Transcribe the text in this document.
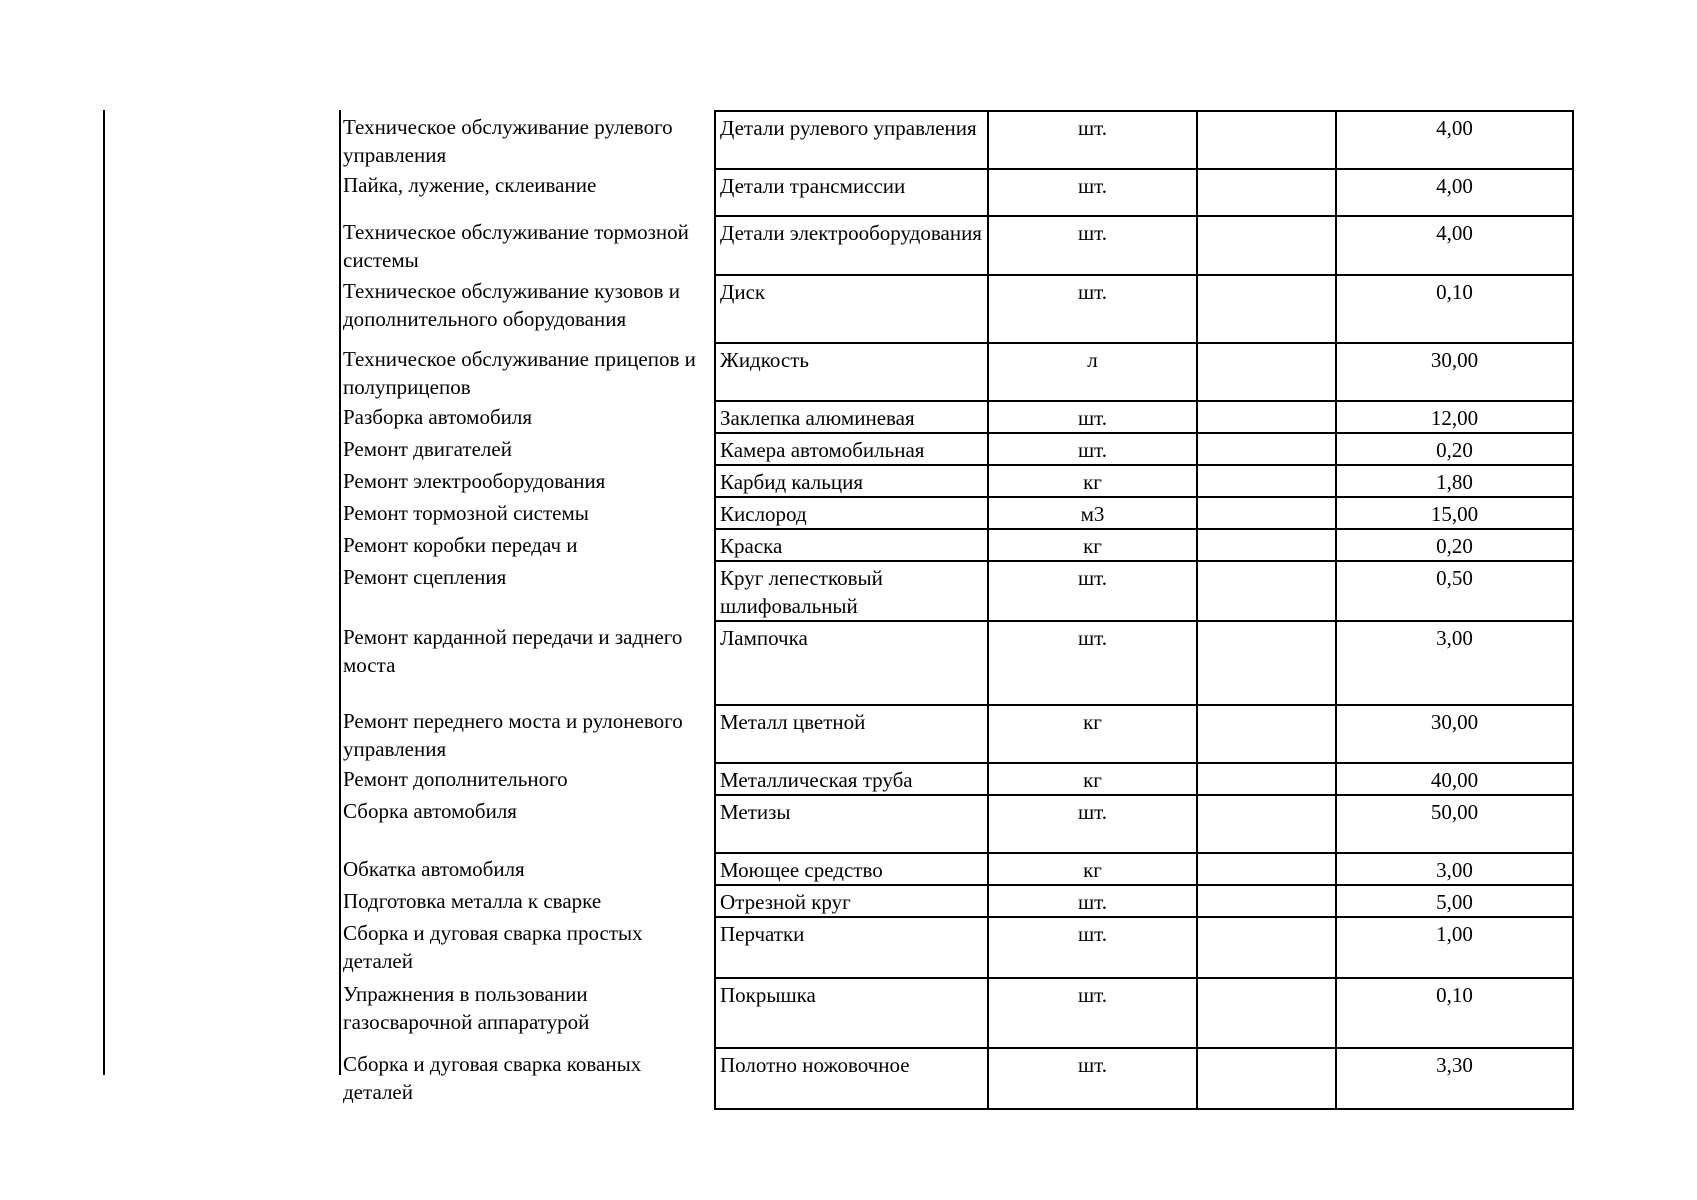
Техническое обслуживание рулевого управления	Детали рулевого управления	шт.		4,00
Пайка, лужение, склеивание	Детали трансмиссии	шт.		4,00
Техническое обслуживание тормозной системы	Детали электрооборудования	шт.		4,00
Техническое обслуживание кузовов и дополнительного оборудования	Диск	шт.		0,10
Техническое обслуживание прицепов и полуприцепов	Жидкость	л		30,00
Разборка автомобиля	Заклепка алюминевая	шт.		12,00
Ремонт двигателей	Камера автомобильная	шт.		0,20
Ремонт электрооборудования	Карбид кальция	кг		1,80
Ремонт тормозной системы	Кислород	м3		15,00
Ремонт коробки передач и	Краска	кг		0,20
Ремонт сцепления	Круг лепестковый шлифовальный	шт.		0,50
Ремонт карданной передачи и заднего моста	Лампочка	шт.		3,00
Ремонт переднего моста и рулоневого управления	Металл цветной	кг		30,00
Ремонт дополнительного	Металлическая труба	кг		40,00
Сборка автомобиля	Метизы	шт.		50,00
Обкатка автомобиля	Моющее средство	кг		3,00
Подготовка металла к сварке	Отрезной круг	шт.		5,00
Сборка и дуговая сварка простых деталей	Перчатки	шт.		1,00
Упражнения в пользовании газосварочной аппаратурой	Покрышка	шт.		0,10
Сборка и дуговая сварка кованых деталей	Полотно ножовочное	шт.		3,30
